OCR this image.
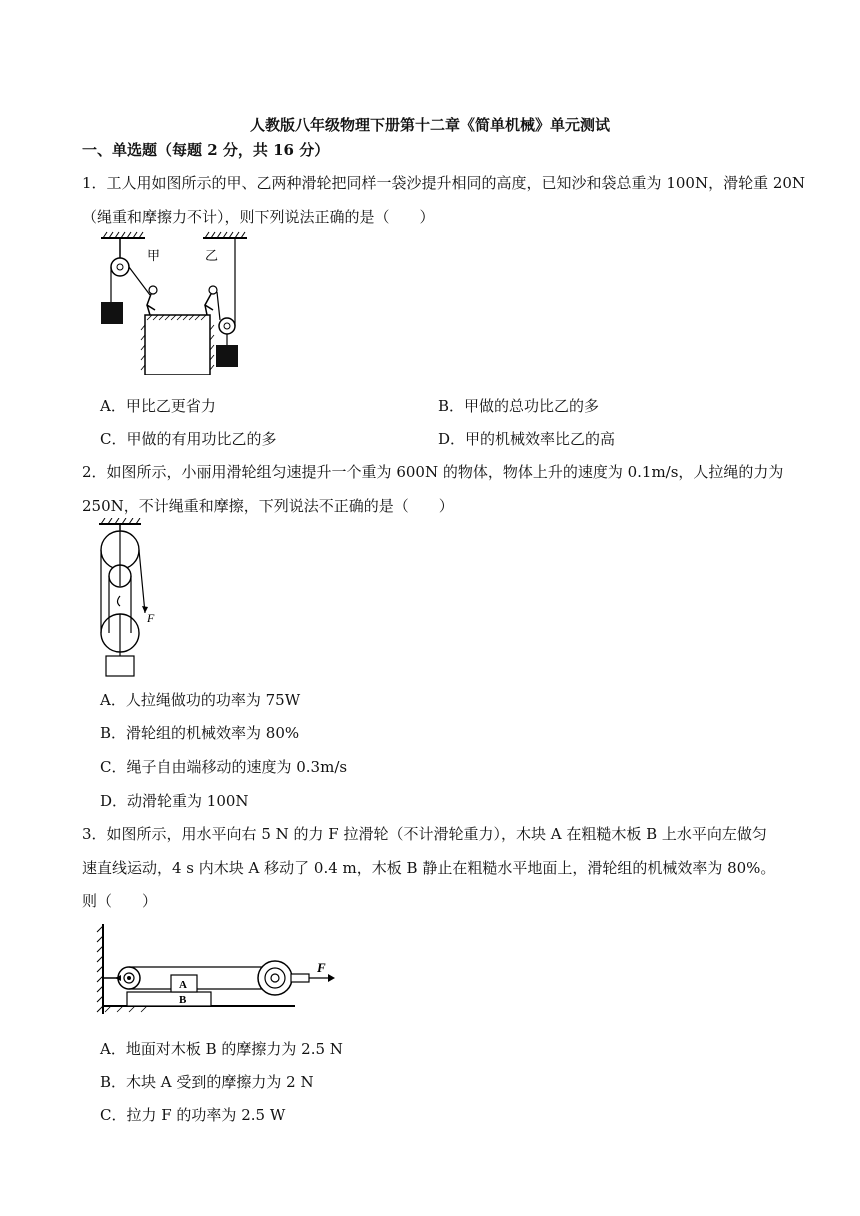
人教版八年级物理下册第十二章《简单机械》单元测试
一、单选题（每题 2 分，共 16 分）
1．工人用如图所示的甲、乙两种滑轮把同样一袋沙提升相同的高度，已知沙和袋总重为 100N，滑轮重 20N
（绳重和摩擦力不计），则下列说法正确的是（　　）
甲	乙
A．甲比乙更省力	B．甲做的总功比乙的多
C．甲做的有用功比乙的多	D．甲的机械效率比乙的高
2．如图所示，小丽用滑轮组匀速提升一个重为 600N 的物体，物体上升的速度为 0.1m/s，人拉绳的力为
250N，不计绳重和摩擦，下列说法不正确的是（　　）
F
A．人拉绳做功的功率为 75W
B．滑轮组的机械效率为 80%
C．绳子自由端移动的速度为 0.3m/s
D．动滑轮重为 100N
3．如图所示，用水平向右 5 N 的力 F 拉滑轮（不计滑轮重力），木块 A 在粗糙木板 B 上水平向左做匀
速直线运动，4 s 内木块 A 移动了 0.4 m，木板 B 静止在粗糙水平地面上，滑轮组的机械效率为 80%。
则（　　）
B
A
F
A．地面对木板 B 的摩擦力为 2.5 N
B．木块 A 受到的摩擦力为 2 N
C．拉力 F 的功率为 2.5 W
